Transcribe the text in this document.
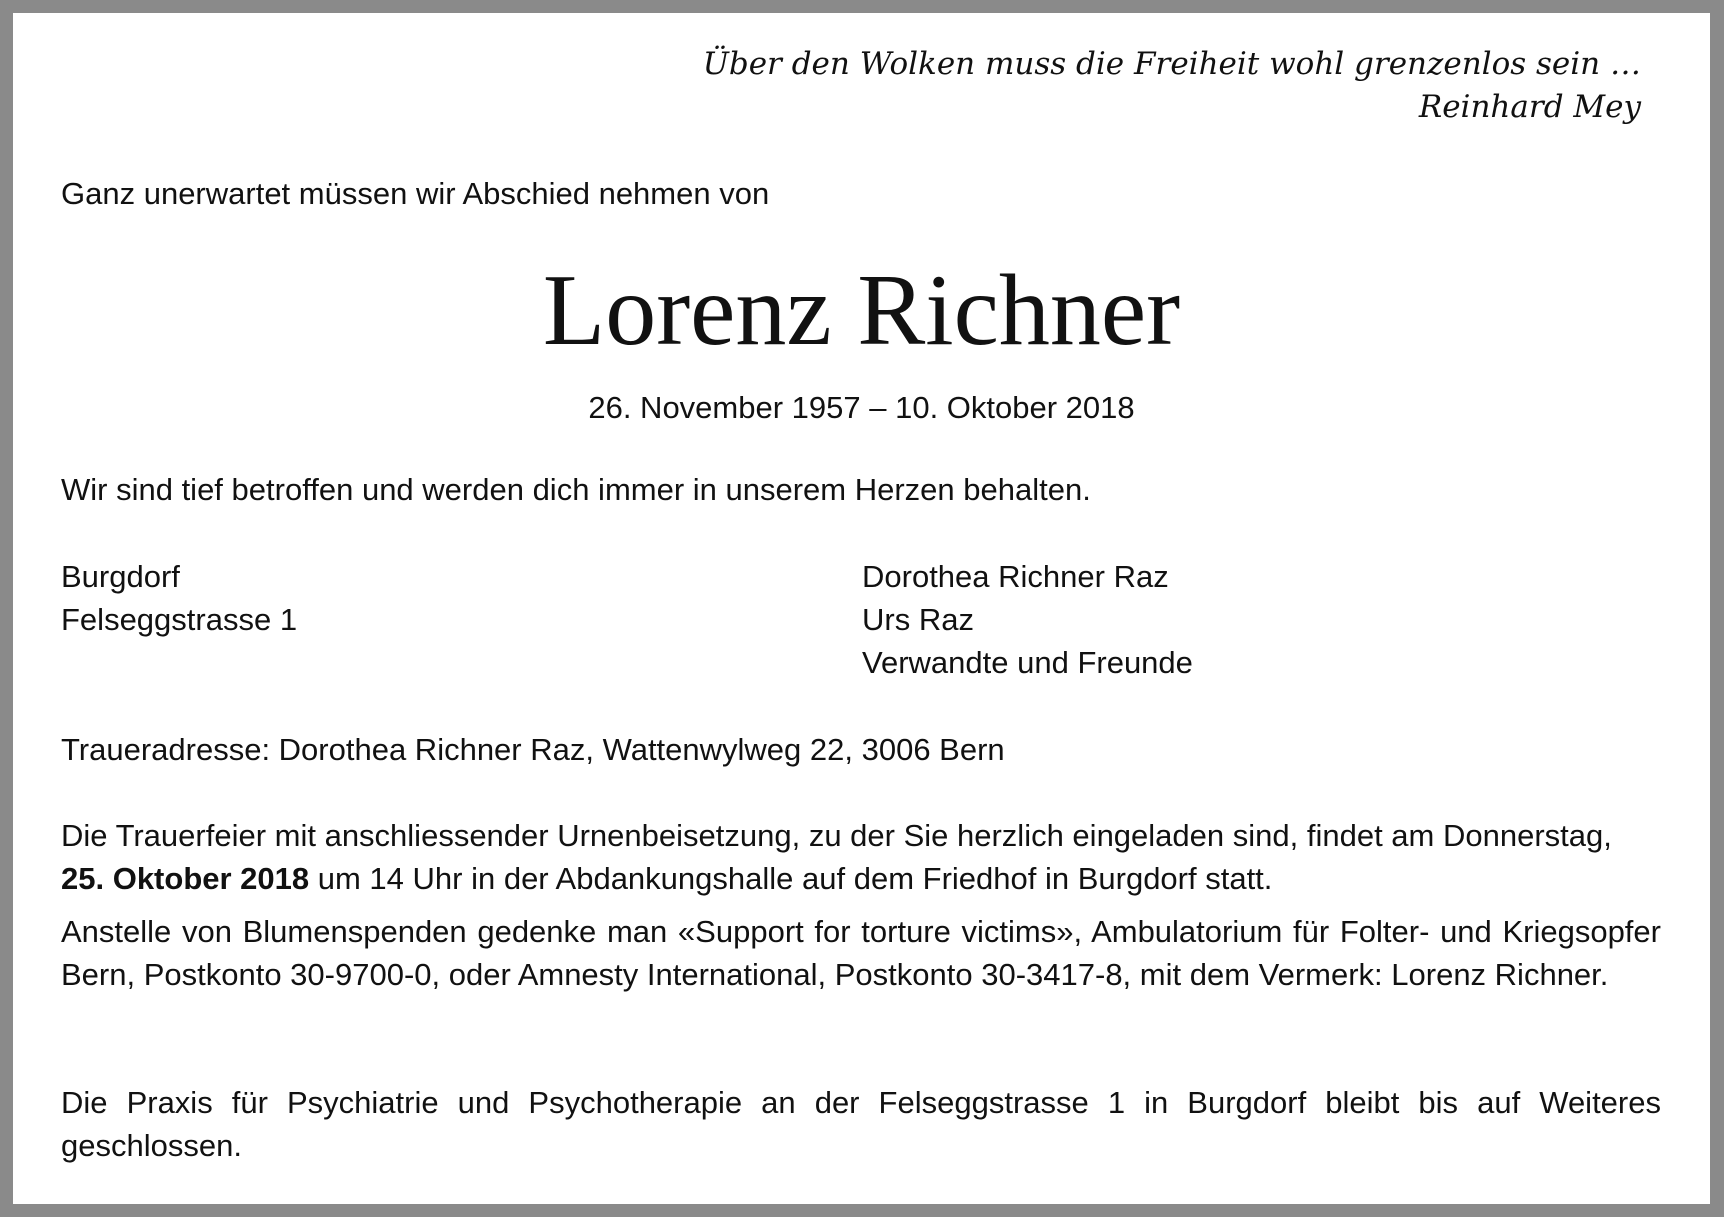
Über den Wolken muss die Freiheit wohl grenzenlos sein …
Reinhard Mey
Ganz unerwartet müssen wir Abschied nehmen von
Lorenz Richner
26. November 1957 – 10. Oktober 2018
Wir sind tief betroffen und werden dich immer in unserem Herzen behalten.
Burgdorf
Felseggstrasse 1
Dorothea Richner Raz
Urs Raz
Verwandte und Freunde
Traueradresse: Dorothea Richner Raz, Wattenwylweg 22, 3006 Bern
Die Trauerfeier mit anschliessender Urnenbeisetzung, zu der Sie herzlich eingeladen sind, findet am Donnerstag,
25. Oktober 2018 um 14 Uhr in der Abdankungshalle auf dem Friedhof in Burgdorf statt.
Anstelle von Blumenspenden gedenke man «Support for torture victims», Ambulatorium für Folter- und Kriegsopfer Bern, Postkonto 30-9700-0, oder Amnesty International, Postkonto 30-3417-8, mit dem Vermerk: Lorenz Richner.
Die Praxis für Psychiatrie und Psychotherapie an der Felseggstrasse 1 in Burgdorf bleibt bis auf Weiteres geschlossen.
